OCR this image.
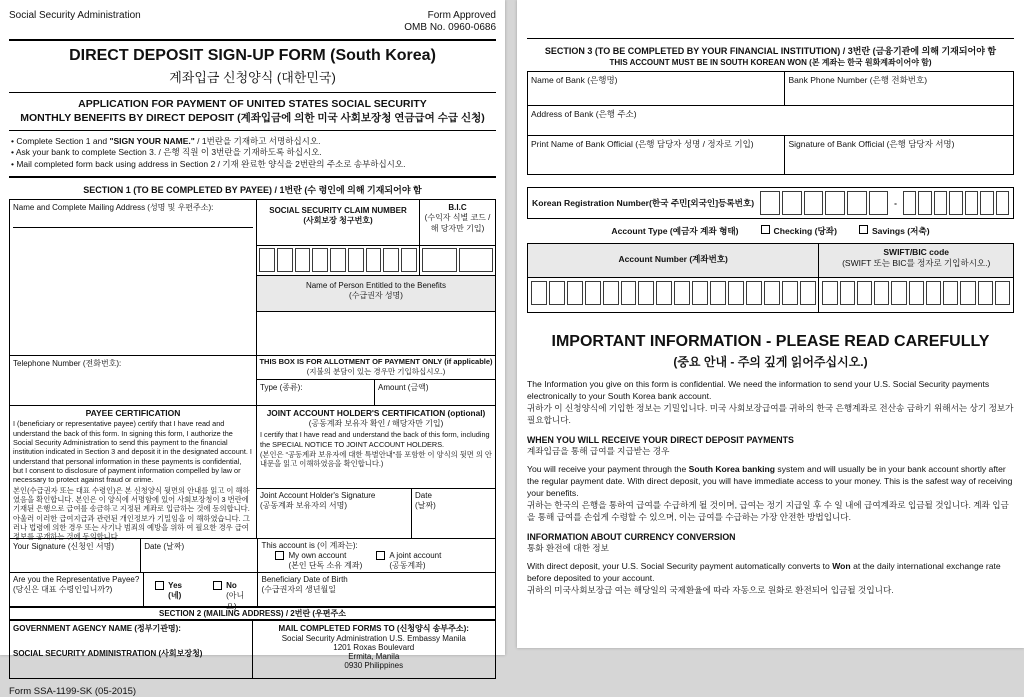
Social Security Administration	Form Approved
OMB No. 0960-0686
DIRECT DEPOSIT SIGN-UP FORM (South Korea)
계좌입금 신청양식 (대한민국)
APPLICATION FOR PAYMENT OF UNITED STATES SOCIAL SECURITY
MONTHLY BENEFITS BY DIRECT DEPOSIT (계좌입금에 의한 미국 사회보장청 연금급여 수급 신청)
• Complete Section 1 and "SIGN YOUR NAME." / 1번란을 기재하고 서명하십시오.
• Ask your bank to complete Section 3. / 은행 직원 이 3번란을 기재하도록 하십시오.
• Mail completed form back using address in Section 2 / 기재 완료한 양식을 2번란의 주소로 송부하십시오.
SECTION 1 (TO BE COMPLETED BY PAYEE) / 1번란 (수 령인에 의해 기재되어야 함
Name and Complete Mailing Address (성명 및 우편주소):	SOCIAL SECURITY CLAIM NUMBER
(사회보장 청구번호)
B.I.C
(수익자 식별 코드 / 해 당자만 기입)
Name of Person Entitled to the Benefits
(수급권자 성명)
Telephone Number (전화번호):	THIS BOX IS FOR ALLOTMENT OF PAYMENT ONLY (if applicable)
(지불의 분담이 있는 경우만 기입하십시오.)
Type (종류):	Amount (금액)
PAYEE CERTIFICATION
I (beneficiary or representative payee) certify that I have read and understand the back of this form. In signing this form, I authorize the Social Security Administration to send this payment to the financial institution indicated in Section 3 and deposit it in the designated account. I understand that personal information in these payments is confidential, but I consent to disclosure of payment information compelled by law or necessary to protect against fraud or crime.
본인(수급권자 또는 대표 수령인)은 본 신청양식 뒷면의 안내를 읽고 이 해하였음을 확인합니다. 본인은 이 양식에 서명함에 있어 사회보장청이 3 번란에 기재된 은행으로 급여를 송금하고 지정된 계좌로 입금하는 것에 동의합니다. 아울러 이러한 급여지급과 관련된 개인정보가 기밀임을 이 해하였습니다. 그러나 법령에 의한 경우 또는 사기나 범죄의 예방을 위하 여 필요한 경우 급여정보를 공개하는 것에 동의합니다.
JOINT ACCOUNT HOLDER'S CERTIFICATION (optional)
(공동계좌 보유자 확인 / 해당자만 기입)
I certify that I have read and understand the back of this form, including the SPECIAL NOTICE TO JOINT ACCOUNT HOLDERS.
(본인은 “공동계좌 보유자에 대한 특별안내”를 포함한 이 양식의 뒷면 의 안내문을 읽고 이해하였음을 확인합니다.)
Joint Account Holder's Signature
(공동계좌 보유자의 서명)
Date
(날짜)
Your Signature (신청인 서명)	Date (날짜)	This account is (이 계좌는):
My own account
(본인 단독 소유 계좌)
A joint account
(공동계좌)
Are you the Representative Payee?
(당신은 대표 수령인입니까?)	Yes (네)
No
(아니오)
Beneficiary Date of Birth
(수급권자의 생년월일
SECTION 2 (MAILING ADDRESS) / 2번란 (우편주소
GOVERNMENT AGENCY NAME (정부기관명):
SOCIAL SECURITY ADMINISTRATION (사회보장청)
MAIL COMPLETED FORMS TO (신청양식 송부주소):
Social Security Administration U.S. Embassy Manila
1201 Roxas Boulevard
Ermita, Manila
0930 Philippines
Form SSA-1199-SK (05-2015)
SECTION 3 (TO BE COMPLETED BY YOUR FINANCIAL INSTITUTION) / 3번란 (금융기관에 의해 기재되어야 함
THIS ACCOUNT MUST BE IN SOUTH KOREAN WON (본 계좌는 한국 원화계좌이어야 함)
Name of Bank (은행명)	Bank Phone Number (은행 전화번호)
Address of Bank (은행 주소)
Print Name of Bank Official (은행 담당자 성명 / 정자로 기입)	Signature of Bank Official (은행 담당자 서명)
Korean Registration Number(한국 주민[외국인]등록번호)	-
Account Type (예금자 계좌 형태)	Checking (당좌)	Savings (저축)
Account Number (계좌번호)
SWIFT/BIC code
(SWIFT 또는 BIC를 정자로 기입하시오.)
IMPORTANT INFORMATION - PLEASE READ CAREFULLY
(중요 안내 - 주의 깊게 읽어주십시오.)
The Information you give on this form is confidential. We need the information to send your U.S. Social Security payments electronically to your South Korea bank account.
귀하가 이 신청양식에 기입한 정보는 기밀입니다. 미국 사회보장급여를 귀하의 한국 은행계좌로 전산송 금하기 위해서는 상기 정보가 필요합니다.
WHEN YOU WILL RECEIVE YOUR DIRECT DEPOSIT PAYMENTS
계좌입금을 통해 급여를 지급받는 경우
You will receive your payment through the South Korea banking system and will usually be in your bank account shortly after the regular payment date. With direct deposit, you will have immediate access to your money. This is the safest way of receiving your benefits.
귀하는 한국의 은행을 통하여 급여를 수급하게 될 것이며, 급여는 정기 지급일 후 수 일 내에 급여계좌로 입금될 것입니다. 계좌 입금을 통해 급여를 손쉽게 수령할 수 있으며, 이는 급여를 수급하는 가장 안전한 방법입니다.
INFORMATION ABOUT CURRENCY CONVERSION
통화 환전에 대한 정보
With direct deposit, your U.S. Social Security payment automatically converts to Won at the daily international exchange rate before deposited to your account.
귀하의 미국사회보장급 여는 해당일의 국제환율에 따라 자동으로 원화로 환전되어 입금될 것입니다.
